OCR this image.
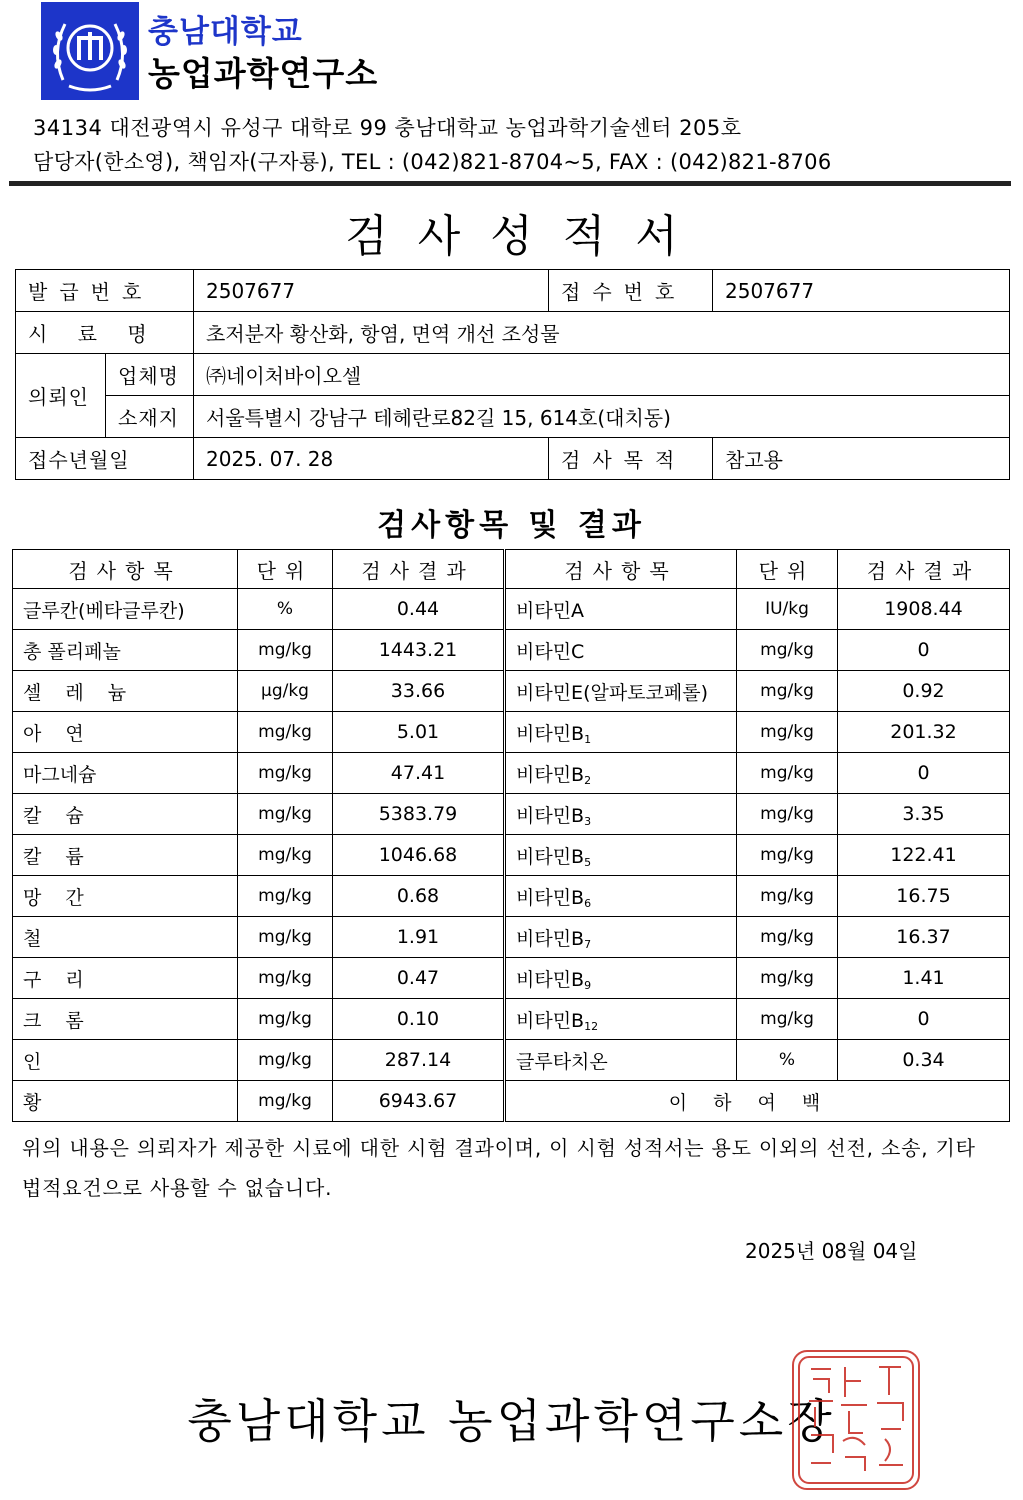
충남대학교
농업과학연구소
34134 대전광역시 유성구 대학로 99 충남대학교 농업과학기술센터 205호
담당자(한소영), 책임자(구자룡), TEL : (042)821-8704~5, FAX : (042)821-8706
검사성적서
발급번호		2507677	접수번호	2507677
시 료 명		초저분자 황산화, 항염, 면역 개선 조성물		
의뢰인	업체명	㈜네이처바이오셀		
	소재지	서울특별시 강남구 테헤란로82길 15, 614호(대치동)		
접수년월일		2025. 07. 28	검사목적	참고용
검사항목 및 결과
검사항목	단위	검사결과	검사항목	단위	검사결과
글루칸(베타글루칸)	%	0.44	비타민A	IU/kg	1908.44
총 폴리페놀	mg/kg	1443.21	비타민C	mg/kg	0
셀레늄	μg/kg	33.66	비타민E(알파토코페롤)	mg/kg	0.92
아연	mg/kg	5.01	비타민$B_1$	mg/kg	201.32
마그네슘	mg/kg	47.41	비타민$B_2$	mg/kg	0
칼슘	mg/kg	5383.79	비타민$B_3$	mg/kg	3.35
칼륨	mg/kg	1046.68	비타민$B_5$	mg/kg	122.41
망간	mg/kg	0.68	비타민$B_6$	mg/kg	16.75
철	mg/kg	1.91	비타민$B_7$	mg/kg	16.37
구리	mg/kg	0.47	비타민$B_9$	mg/kg	1.41
크롬	mg/kg	0.10	비타민$B_{12}$	mg/kg	0
인	mg/kg	287.14	글루타치온	%	0.34
황	mg/kg	6943.67	이하여백		
위의 내용은 의뢰자가 제공한 시료에 대한 시험 결과이며, 이 시험 성적서는 용도 이외의 선전, 소송, 기타 법적요건으로 사용할 수 없습니다.
2025년 08월 04일
충남대학교 농업과학연구소장
